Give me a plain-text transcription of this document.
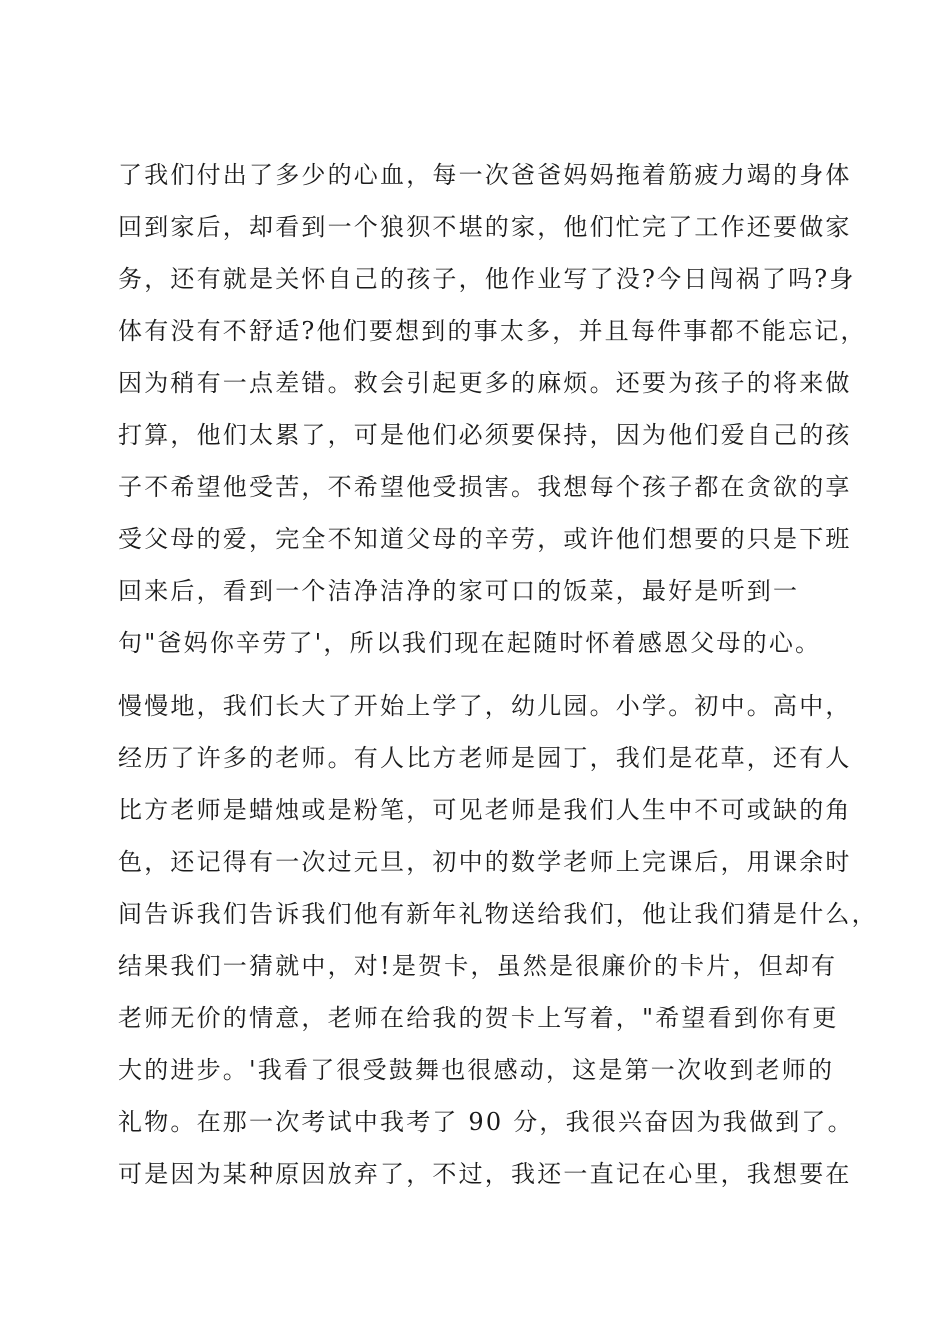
了我们付出了多少的心血，每一次爸爸妈妈拖着筋疲力竭的身体
回到家后，却看到一个狼狈不堪的家，他们忙完了工作还要做家
务，还有就是关怀自己的孩子，他作业写了没?今日闯祸了吗?身
体有没有不舒适?他们要想到的事太多，并且每件事都不能忘记，
因为稍有一点差错。救会引起更多的麻烦。还要为孩子的将来做
打算，他们太累了，可是他们必须要保持，因为他们爱自己的孩
子不希望他受苦，不希望他受损害。我想每个孩子都在贪欲的享
受父母的爱，完全不知道父母的辛劳，或许他们想要的只是下班
回来后，看到一个洁净洁净的家可口的饭菜，最好是听到一
句"爸妈你辛劳了'，所以我们现在起随时怀着感恩父母的心。
慢慢地，我们长大了开始上学了，幼儿园。小学。初中。高中，
经历了许多的老师。有人比方老师是园丁，我们是花草，还有人
比方老师是蜡烛或是粉笔，可见老师是我们人生中不可或缺的角
色，还记得有一次过元旦，初中的数学老师上完课后，用课余时
间告诉我们告诉我们他有新年礼物送给我们，他让我们猜是什么，
结果我们一猜就中，对!是贺卡，虽然是很廉价的卡片，但却有
老师无价的情意，老师在给我的贺卡上写着，"希望看到你有更
大的进步。'我看了很受鼓舞也很感动，这是第一次收到老师的
礼物。在那一次考试中我考了 90 分，我很兴奋因为我做到了。
可是因为某种原因放弃了，不过，我还一直记在心里，我想要在
